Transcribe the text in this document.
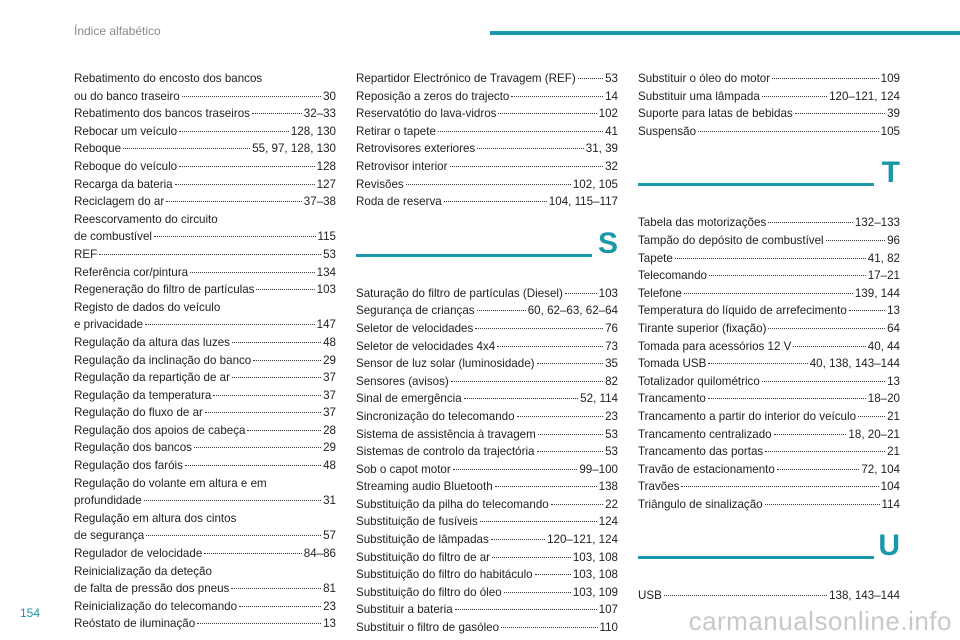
Índice alfabético
Rebatimento do encosto dos bancos
ou do banco traseiro	30
Rebatimento dos bancos traseiros	32–33
Rebocar um veículo	128, 130
Reboque	55, 97, 128, 130
Reboque do veículo	128
Recarga da bateria	127
Reciclagem do ar	37–38
Reescorvamento do circuito
de combustível	115
REF	53
Referência cor/pintura	134
Regeneração do filtro de partículas	103
Registo de dados do veículo
e privacidade	147
Regulação da altura das luzes	48
Regulação da inclinação do banco	29
Regulação da repartição de ar	37
Regulação da temperatura	37
Regulação do fluxo de ar	37
Regulação dos apoios de cabeça	28
Regulação dos bancos	29
Regulação dos faróis	48
Regulação do volante em altura e em
profundidade	31
Regulação em altura dos cintos
de segurança	57
Regulador de velocidade	84–86
Reinicialização da deteção
de falta de pressão dos pneus	81
Reinicialização do telecomando	23
Reóstato de iluminação	13
Repartidor Electrónico de Travagem (REF)	53
Reposição a zeros do trajecto	14
Reservatótio do lava-vidros	102
Retirar o tapete	41
Retrovisores exteriores	31, 39
Retrovisor interior	32
Revisões	102, 105
Roda de reserva	104, 115–117
S
Saturação do filtro de partículas (Diesel)	103
Segurança de crianças	60, 62–63, 62–64
Seletor de velocidades	76
Seletor de velocidades 4x4	73
Sensor de luz solar (luminosidade)	35
Sensores (avisos)	82
Sinal de emergência	52, 114
Sincronização do telecomando	23
Sistema de assistência à travagem	53
Sistemas de controlo da trajectória	53
Sob o capot motor	99–100
Streaming audio Bluetooth	138
Substituição da pilha do telecomando	22
Substituição de fusíveis	124
Substituição de lâmpadas	120–121, 124
Substituição do filtro de ar	103, 108
Substituição do filtro do habitáculo	103, 108
Substituição do filtro do óleo	103, 109
Substituir a bateria	107
Substituir o filtro de gasóleo	110
Substituir o óleo do motor	109
Substituir uma lâmpada	120–121, 124
Suporte para latas de bebidas	39
Suspensão	105
T
Tabela das motorizações	132–133
Tampão do depósito de combustível	96
Tapete	41, 82
Telecomando	17–21
Telefone	139, 144
Temperatura do líquido de arrefecimento	13
Tirante superior (fixação)	64
Tomada para acessórios 12 V	40, 44
Tomada USB	40, 138, 143–144
Totalizador quilométrico	13
Trancamento	18–20
Trancamento a partir do interior do veículo	21
Trancamento centralizado	18, 20–21
Trancamento das portas	21
Travão de estacionamento	72, 104
Travões	104
Triângulo de sinalização	114
U
USB	138, 143–144
154	carmanualsonline.info
